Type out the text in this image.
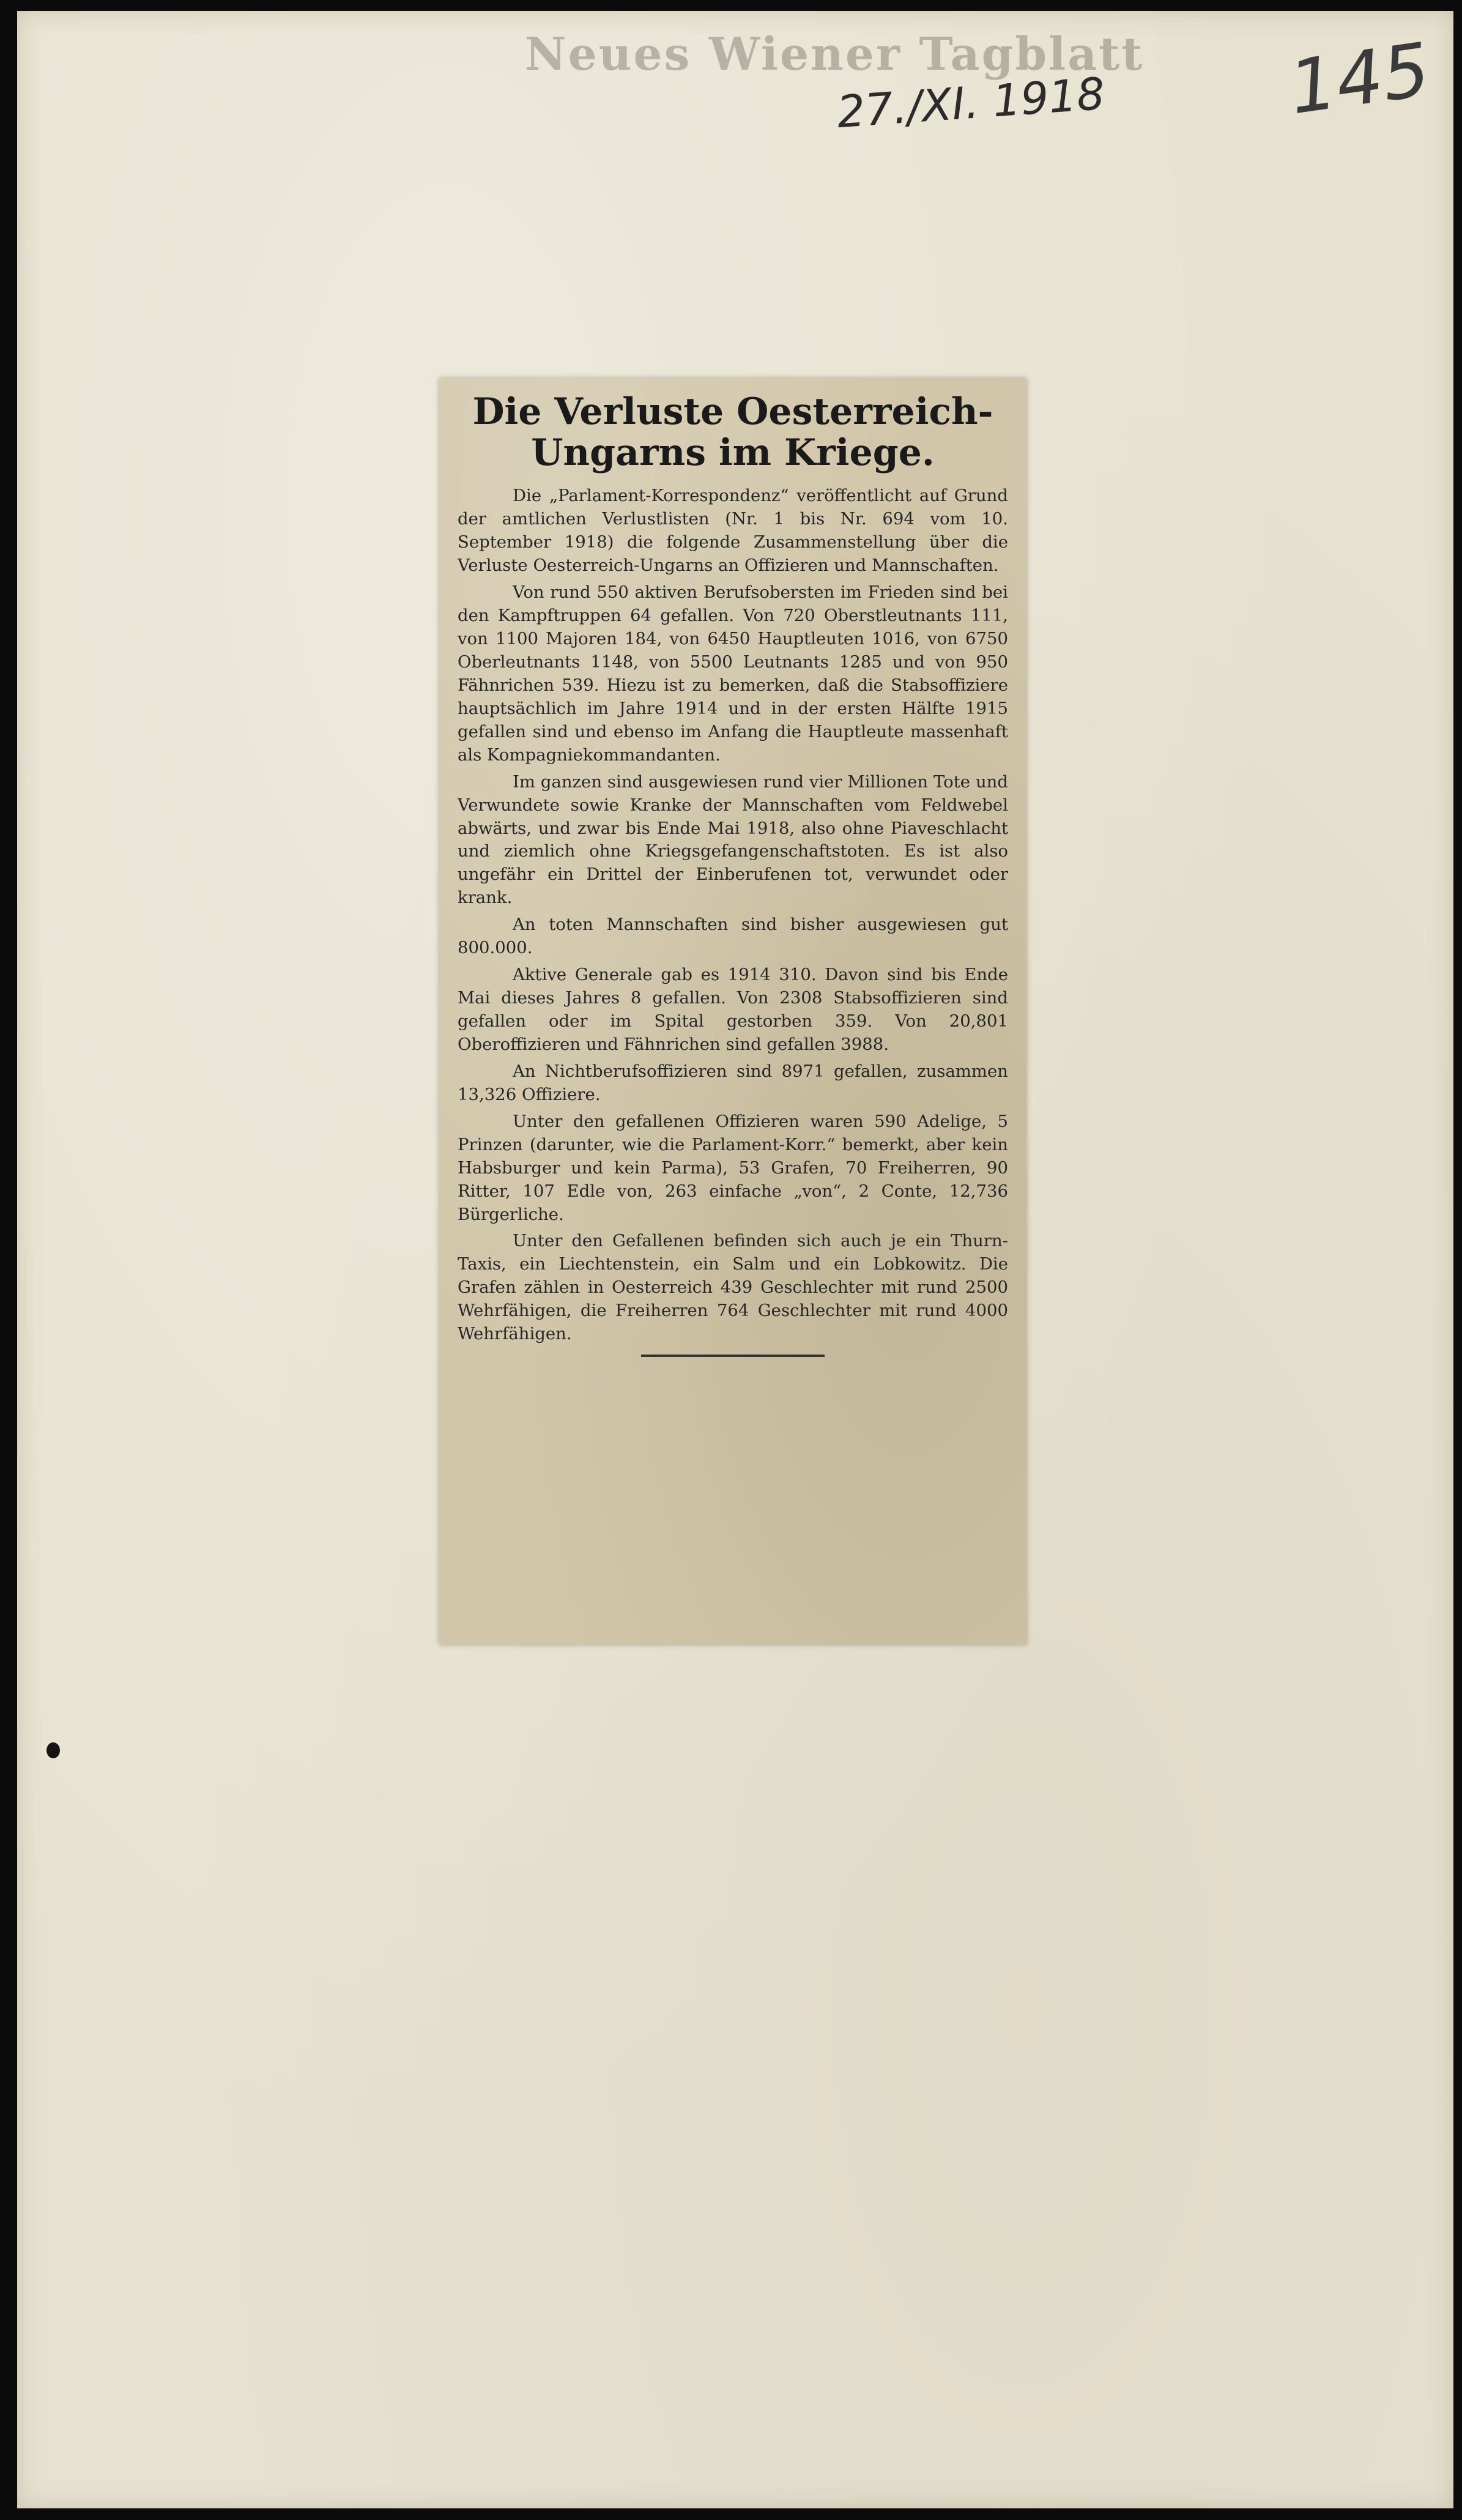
Neues Wiener Tagblatt
27./XI. 1918 145
Die Verluste Oesterreich-Ungarns im Kriege.

Die „Parlament-Korrespondenz“ veröffentlicht auf Grund der amtlichen Verlustlisten (Nr. 1 bis Nr. 694 vom 10. September 1918) die folgende Zusammenstellung über die Verluste Oesterreich-Ungarns an Offizieren und Mannschaften.

Von rund 550 aktiven Berufsobersten im Frieden sind bei den Kampftruppen 64 gefallen. Von 720 Oberstleutnants 111, von 1100 Majoren 184, von 6450 Hauptleuten 1016, von 6750 Oberleutnants 1148, von 5500 Leutnants 1285 und von 950 Fähnrichen 539. Hiezu ist zu bemerken, daß die Stabsoffiziere hauptsächlich im Jahre 1914 und in der ersten Hälfte 1915 gefallen sind und ebenso im Anfang die Hauptleute massenhaft als Kompagniekommandanten.

Im ganzen sind ausgewiesen rund vier Millionen Tote und Verwundete sowie Kranke der Mannschaften vom Feldwebel abwärts, und zwar bis Ende Mai 1918, also ohne Piaveschlacht und ziemlich ohne Kriegsgefangenschaftstoten. Es ist also ungefähr ein Drittel der Einberufenen tot, verwundet oder krank.

An toten Mannschaften sind bisher ausgewiesen gut 800.000.

Aktive Generale gab es 1914 310. Davon sind bis Ende Mai dieses Jahres 8 gefallen. Von 2308 Stabsoffizieren sind gefallen oder im Spital gestorben 359. Von 20,801 Oberoffizieren und Fähnrichen sind gefallen 3988.

An Nichtberufsoffizieren sind 8971 gefallen, zusammen 13,326 Offiziere.

Unter den gefallenen Offizieren waren 590 Adelige, 5 Prinzen (darunter, wie die Parlament-Korr.“ bemerkt, aber kein Habsburger und kein Parma), 53 Grafen, 70 Freiherren, 90 Ritter, 107 Edle von, 263 einfache „von“, 2 Conte, 12,736 Bürgerliche.

Unter den Gefallenen befinden sich auch je ein Thurn-Taxis, ein Liechtenstein, ein Salm und ein Lobkowitz. Die Grafen zählen in Oesterreich 439 Geschlechter mit rund 2500 Wehrfähigen, die Freiherren 764 Geschlechter mit rund 4000 Wehrfähigen.
